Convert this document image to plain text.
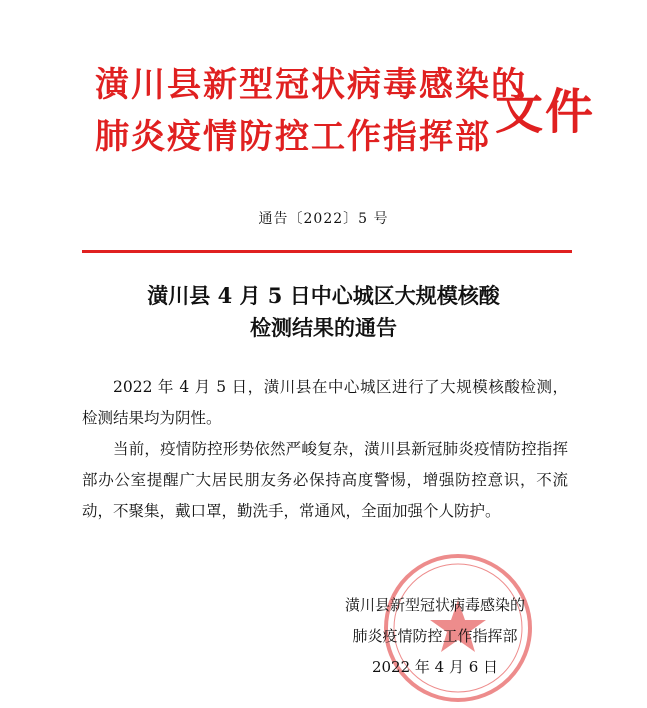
潢川县新型冠状病毒感染的
肺炎疫情防控工作指挥部 文件
通告〔2022〕5 号
潢川县 4 月 5 日中心城区大规模核酸
检测结果的通告

2022 年 4 月 5 日，潢川县在中心城区进行了大规模核酸检测，检测结果均为阴性。

当前，疫情防控形势依然严峻复杂，潢川县新冠肺炎疫情防控指挥部办公室提醒广大居民朋友务必保持高度警惕，增强防控意识，不流动，不聚集，戴口罩，勤洗手，常通风，全面加强个人防护。

潢川县新型冠状病毒感染的
肺炎疫情防控工作指挥部
2022 年 4 月 6 日
